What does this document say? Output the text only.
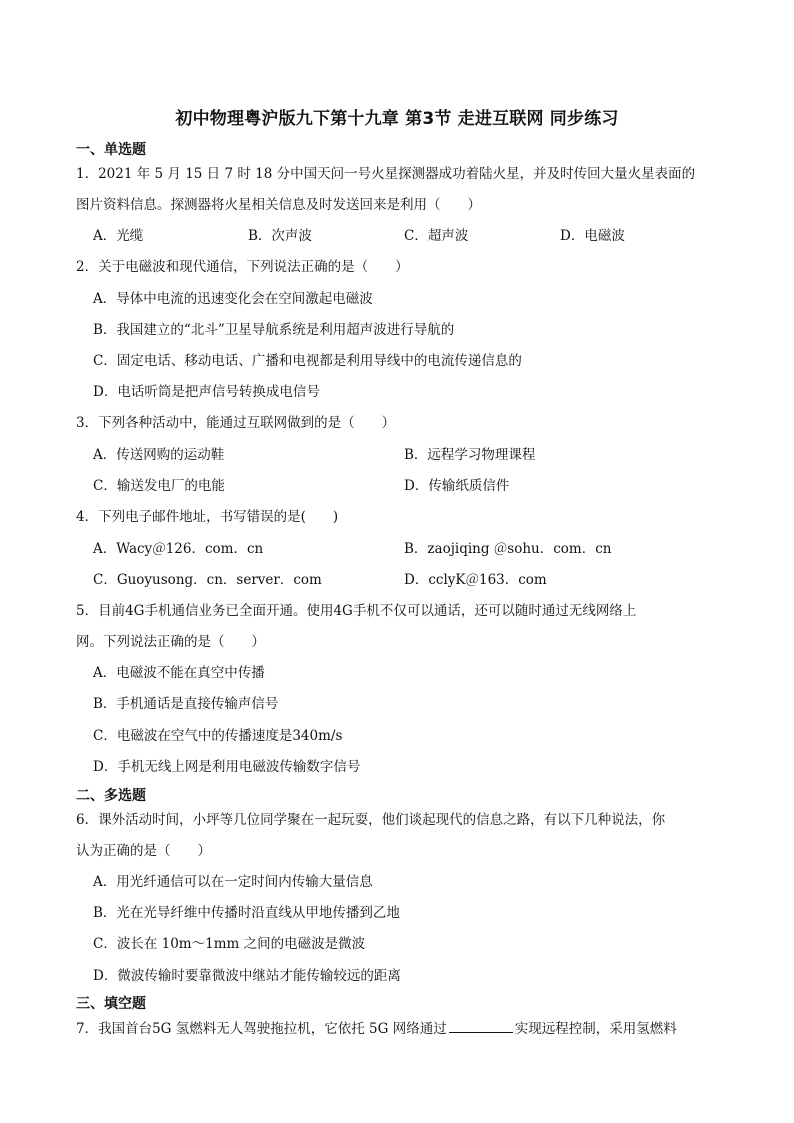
初中物理粤沪版九下第十九章 第3节 走进互联网 同步练习
一、单选题
1．2021 年 5 月 15 日 7 时 18 分中国天问一号火星探测器成功着陆火星，并及时传回大量火星表面的
图片资料信息。探测器将火星相关信息及时发送回来是利用（　　）
A．光缆	B．次声波	C．超声波	D．电磁波
2．关于电磁波和现代通信，下列说法正确的是（　　）
A．导体中电流的迅速变化会在空间激起电磁波
B．我国建立的“北斗”卫星导航系统是利用超声波进行导航的
C．固定电话、移动电话、广播和电视都是利用导线中的电流传递信息的
D．电话听筒是把声信号转换成电信号
3．下列各种活动中，能通过互联网做到的是（　　）
A．传送网购的运动鞋	B．远程学习物理课程
C．输送发电厂的电能	D．传输纸质信件
4．下列电子邮件地址，书写错误的是(　　)
A．Wacy＠126．com．cn	B．zaojiqing ＠sohu．com．cn
C．Guoyusong．cn．server．com	D．cclyK＠163．com
5．目前4G手机通信业务已全面开通。使用4G手机不仅可以通话，还可以随时通过无线网络上
网。下列说法正确的是（　　）
A．电磁波不能在真空中传播
B．手机通话是直接传输声信号
C．电磁波在空气中的传播速度是340m/s
D．手机无线上网是利用电磁波传输数字信号
二、多选题
6．课外活动时间，小坪等几位同学聚在一起玩耍，他们谈起现代的信息之路，有以下几种说法，你
认为正确的是（　　）
A．用光纤通信可以在一定时间内传输大量信息
B．光在光导纤维中传播时沿直线从甲地传播到乙地
C．波长在 10m～1mm 之间的电磁波是微波
D．微波传输时要靠微波中继站才能传输较远的距离
三、填空题
7．我国首台5G 氢燃料无人驾驶拖拉机，它依托 5G 网络通过	实现远程控制，采用氢燃料
